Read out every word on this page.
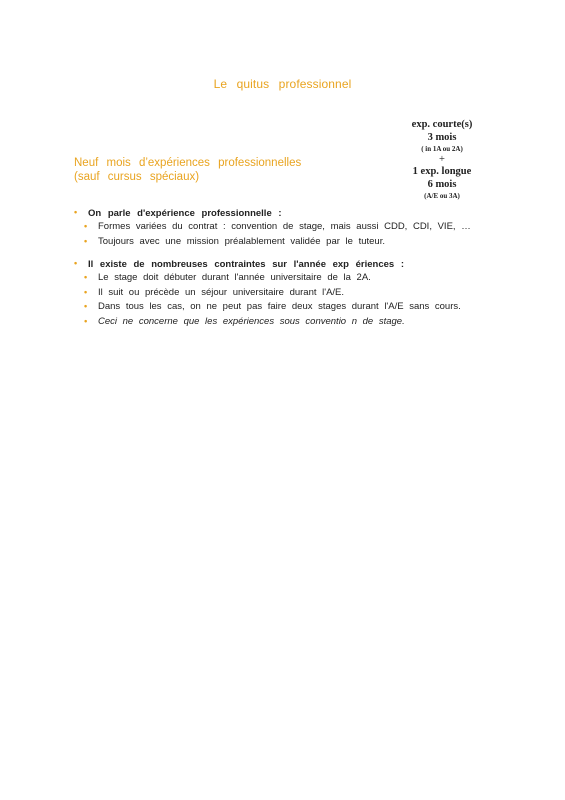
Le quitus professionnel
Neuf mois d’expériences professionnelles
(sauf cursus spéciaux)
exp. courte(s)
3 mois
( in 1A ou 2A)
+
1 exp. longue
6 mois
(A/E ou 3A)
• On parle d'expérience professionnelle :
• Formes variées du contrat : convention de stage, mais aussi CDD, CDI, VIE, …
• Toujours avec une mission préalablement validée par le tuteur.
• Il existe de nombreuses contraintes sur l'année exp ériences :
• Le stage doit débuter durant l'année universitaire de la 2A.
• Il suit ou précède un séjour universitaire durant l'A/E.
• Dans tous les cas, on ne peut pas faire deux stages durant l'A/E sans cours.
• Ceci ne concerne que les expériences sous conventio n de stage.
